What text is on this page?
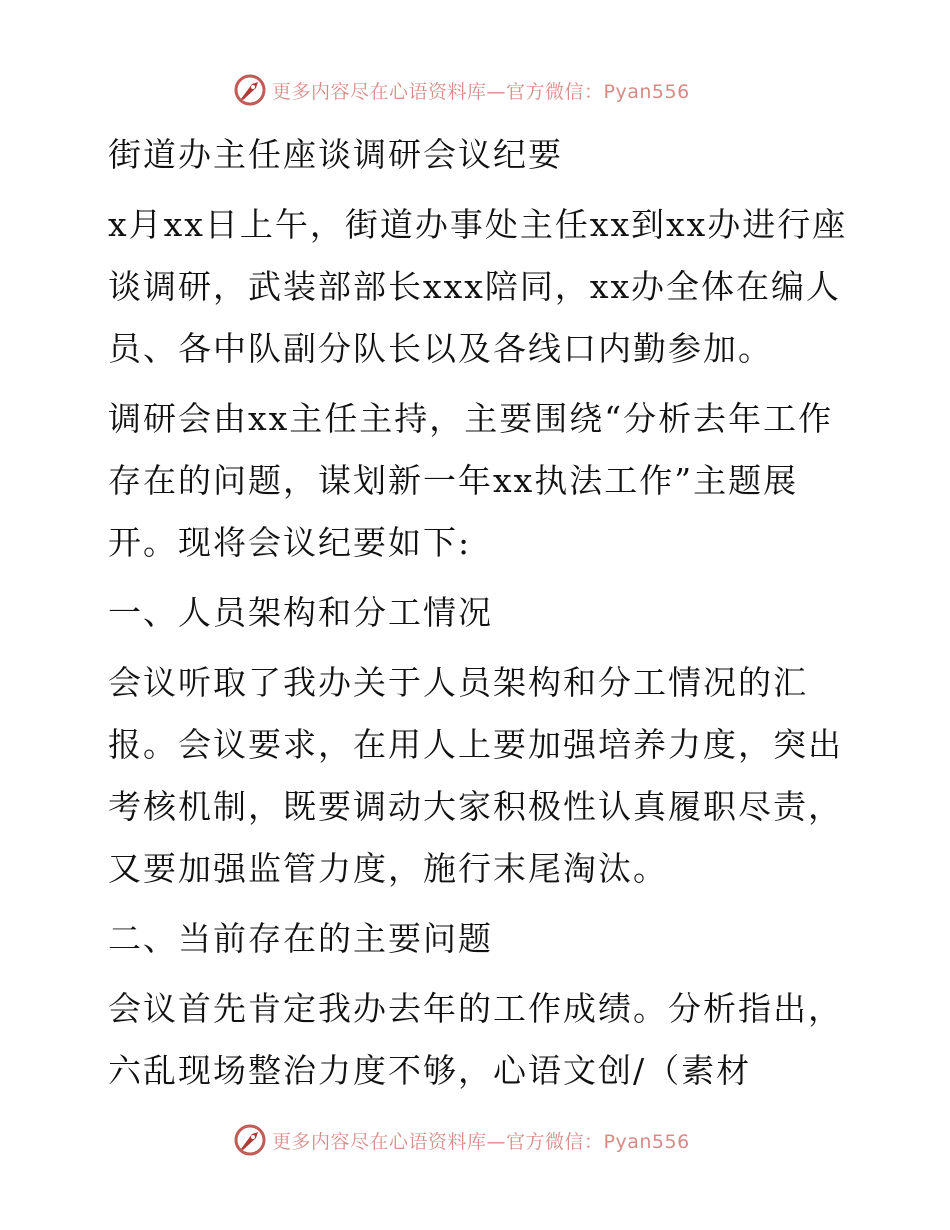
更多内容尽在心语资料库—官方微信：Pyan556

街道办主任座谈调研会议纪要

x月xx日上午，街道办事处主任xx到xx办进行座谈调研，武装部部长xxx陪同，xx办全体在编人员、各中队副分队长以及各线口内勤参加。

调研会由xx主任主持，主要围绕“分析去年工作存在的问题，谋划新一年xx执法工作”主题展开。现将会议纪要如下:

一、人员架构和分工情况

会议听取了我办关于人员架构和分工情况的汇报。会议要求，在用人上要加强培养力度，突出考核机制，既要调动大家积极性认真履职尽责，又要加强监管力度，施行末尾淘汰。

二、当前存在的主要问题

会议首先肯定我办去年的工作成绩。分析指出，六乱现场整治力度不够，心语文创/（素材

更多内容尽在心语资料库—官方微信：Pyan556
